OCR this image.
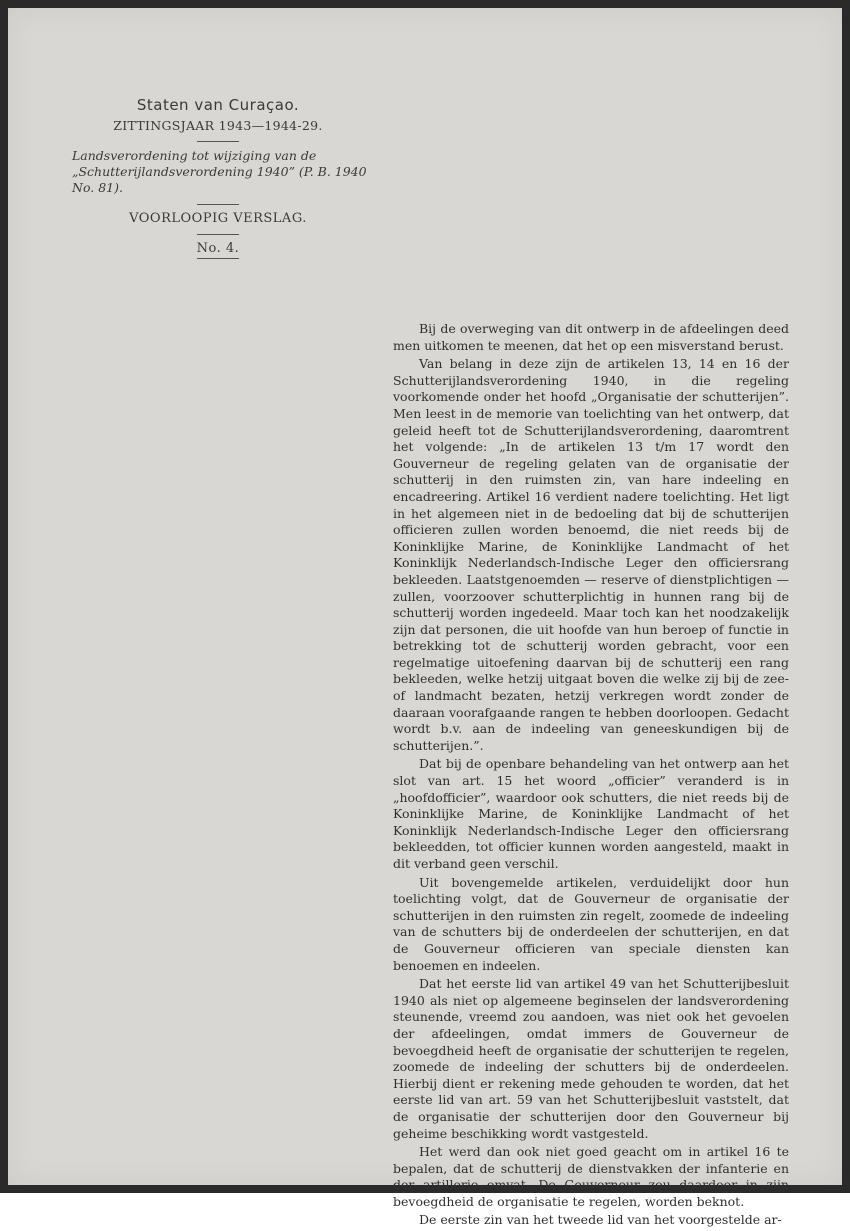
Staten van Curaçao.

ZITTINGSJAAR 1943—1944-29.

Landsverordening tot wijziging van de „Schutterijlandsverordening 1940” (P. B. 1940 No. 81).

VOORLOOPIG VERSLAG.

No. 4.

Bij de overweging van dit ontwerp in de afdeelingen deed men uitkomen te meenen, dat het op een misverstand berust.

Van belang in deze zijn de artikelen 13, 14 en 16 der Schutterijlandsverordening 1940, in die regeling voorkomende onder het hoofd „Organisatie der schutterijen”. Men leest in de memorie van toelichting van het ontwerp, dat geleid heeft tot de Schutterijlandsverordening, daaromtrent het volgende: „In de artikelen 13 t/m 17 wordt den Gouverneur de regeling gelaten van de organisatie der schutterij in den ruimsten zin, van hare indeeling en encadreering. Artikel 16 verdient nadere toelichting. Het ligt in het algemeen niet in de bedoeling dat bij de schutterijen officieren zullen worden benoemd, die niet reeds bij de Koninklijke Marine, de Koninklijke Landmacht of het Koninklijk Nederlandsch-Indische Leger den officiersrang bekleeden. Laatstgenoemden — reserve of dienstplichtigen — zullen, voorzoover schutterplichtig in hunnen rang bij de schutterij worden ingedeeld. Maar toch kan het noodzakelijk zijn dat personen, die uit hoofde van hun beroep of functie in betrekking tot de schutterij worden gebracht, voor een regelmatige uitoefening daarvan bij de schutterij een rang bekleeden, welke hetzij uitgaat boven die welke zij bij de zee- of landmacht bezaten, hetzij verkregen wordt zonder de daaraan voorafgaande rangen te hebben doorloopen. Gedacht wordt b.v. aan de indeeling van geneeskundigen bij de schutterijen.”.

Dat bij de openbare behandeling van het ontwerp aan het slot van art. 15 het woord „officier” veranderd is in „hoofdofficier”, waardoor ook schutters, die niet reeds bij de Koninklijke Marine, de Koninklijke Landmacht of het Koninklijk Nederlandsch-Indische Leger den officiersrang bekleedden, tot officier kunnen worden aangesteld, maakt in dit verband geen verschil.

Uit bovengemelde artikelen, verduidelijkt door hun toelichting volgt, dat de Gouverneur de organisatie der schutterijen in den ruimsten zin regelt, zoomede de indeeling van de schutters bij de onderdeelen der schutterijen, en dat de Gouverneur officieren van speciale diensten kan benoemen en indeelen.

Dat het eerste lid van artikel 49 van het Schutterijbesluit 1940 als niet op algemeene beginselen der landsverordening steunende, vreemd zou aandoen, was niet ook het gevoelen der afdeelingen, omdat immers de Gouverneur de bevoegdheid heeft de organisatie der schutterijen te regelen, zoomede de indeeling der schutters bij de onderdeelen. Hierbij dient er rekening mede gehouden te worden, dat het eerste lid van art. 59 van het Schutterijbesluit vaststelt, dat de organisatie der schutterijen door den Gouverneur bij geheime beschikking wordt vastgesteld.

Het werd dan ook niet goed geacht om in artikel 16 te bepalen, dat de schutterij de dienstvakken der infanterie en der artillerie omvat. De Gouverneur zou daardoor in zijn bevoegdheid de organisatie te regelen, worden beknot.

De eerste zin van het tweede lid van het voorgestelde ar-
